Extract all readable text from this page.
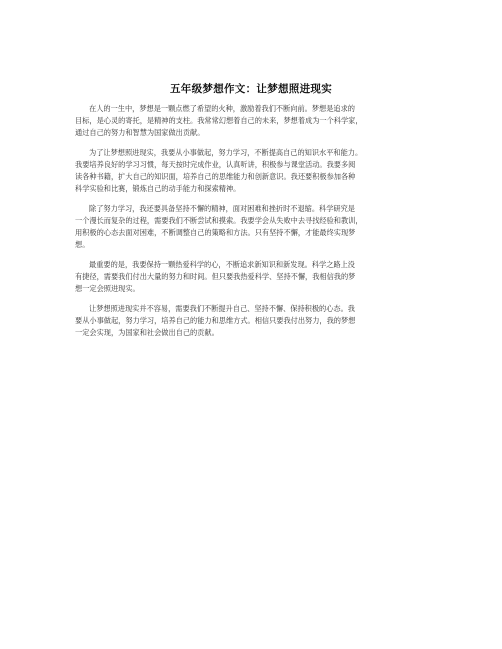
五年级梦想作文：让梦想照进现实

在人的一生中，梦想是一颗点燃了希望的火种，激励着我们不断向前。梦想是追求的
目标，是心灵的寄托，是精神的支柱。我常常幻想着自己的未来，梦想着成为一个科学家，
通过自己的努力和智慧为国家做出贡献。

为了让梦想照进现实，我要从小事做起，努力学习，不断提高自己的知识水平和能力。
我要培养良好的学习习惯，每天按时完成作业，认真听讲，积极参与课堂活动。我要多阅
读各种书籍，扩大自己的知识面，培养自己的思维能力和创新意识。我还要积极参加各种
科学实验和比赛，锻炼自己的动手能力和探索精神。

除了努力学习，我还要具备坚持不懈的精神，面对困难和挫折时不退缩。科学研究是
一个漫长而复杂的过程，需要我们不断尝试和摸索。我要学会从失败中去寻找经验和教训，
用积极的心态去面对困难，不断调整自己的策略和方法。只有坚持不懈，才能最终实现梦
想。

最重要的是，我要保持一颗热爱科学的心，不断追求新知识和新发现。科学之路上没
有捷径，需要我们付出大量的努力和时间。但只要我热爱科学、坚持不懈，我相信我的梦
想一定会照进现实。

让梦想照进现实并不容易，需要我们不断提升自己、坚持不懈、保持积极的心态。我
要从小事做起，努力学习，培养自己的能力和思维方式。相信只要我付出努力，我的梦想
一定会实现，为国家和社会做出自己的贡献。
